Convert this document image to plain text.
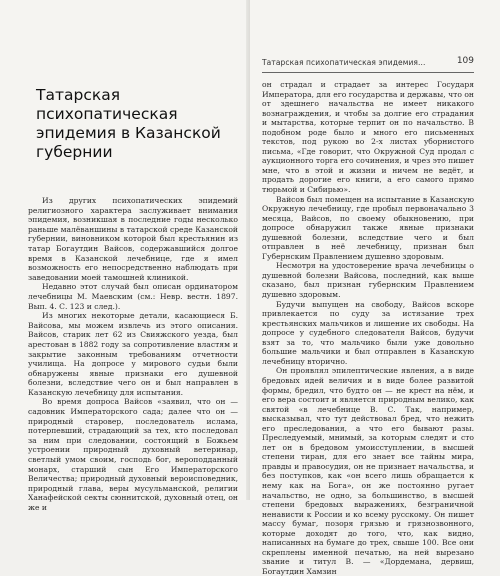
Татарская психопатическая эпидемия в Казанской губернии

Из других психопатических эпидемий религиозного характера заслуживает внимания эпидемия, возникшая в последние годы несколько раньше малёваншины в татарской среде Казанской губернии, виновником которой был крестьянин из татар Богаутдин Вайсов, содержавшийся долгое время в Казанской лечебнице, где я имел возможность его непосредственно наблюдать при заведовании моей тамошней клиникой.

Недавно этот случай был описан ординатором лечебницы М. Маевским (см.: Невр. вестн. 1897. Вып. 4. С. 123 и след.).

Из многих некоторые детали, касающиеся Б. Вайсова, мы можем извлечь из этого описания. Вайсов, старик лет 62 из Свияжского уезда, был арестован в 1882 году за сопротивление властям и закрытие законным требованиям отчетности училища. На допросе у мирового судьи были обнаружены явные признаки его душевной болезни, вследствие чего он и был направлен в Казанскую лечебницу для испытания.

Во время допроса Вайсов «заявил, что он — садовник Императорского сада; далее что он — природный старовер, последователь ислама, потерпевший, страдающий за тех, кто последовал за ним при следовании, состоящий в Божьем устроении природный духовный ветеринар, светлый умом своим, господь бог, вероподданный монарх, старший сын Его Императорского Величества; природный духовный вероисповедник, природный глава, веры мусульманской, религии Ханафейской секты сюннитской, духовный отец, он же и

Татарская психопатическая эпидемия...	109

он страдал и страдает за интерес Государя Императора, для его государства и державы, что он от здешнего начальства не имеет никакого вознаграждения, и чтобы за долгие его страдания и мытарства, которые терпит он по начальство. В подобном роде было и много его письменных текстов, под рукою во 2-х листах уборнистого письма, «Где говорит, что Окружной Суд продал с аукционного торга его сочинения, и чрез это пишет мне, что в этой и жизни и ничем не ведёт, и продать дорогие его книги, а его самого прямо тюрьмой и Сибирью».

Вайсов был помещен на испытание в Казанскую Окружную лечебницу, где пробыл первоначально 3 месяца, Вайсов, по своему обыкновению, при допросе обнаружил также явные признаки душевной болезни, вследствие чего и был отправлен в неё лечебницу, признан был Губернским Правлением душевно здоровым.

Несмотря на удостоверение врача лечебницы о душевной болезни Вайсова, последний, как выше сказано, был признан губернским Правлением душевно здоровым.

Будучи выпущен на свободу, Вайсов вскоре привлекается по суду за истязание трех крестьянских мальчиков и лишение их свободы. На допросе у судебного следователя Вайсов, будучи взят за то, что мальчико были уже довольно большие мальчики и был отправлен в Казанскую лечебницу вторично.

Он проявлял эпилептические явления, а в виде бредовых идей величия и в виде более развитой формы, бредил, что будто он — не крест на нём, и его вера состоит и является природным велико, как святой «в лечебнице В. С. Так, например, высказывал, что тут действовал бред, что нежить его преследования, а что его бывают разы. Преследуемый, мнимый, за которым следят и сто лет он в бредовом умоисступлении, в высшей степени тиран, для его знает все тайны мира, правды и правосудия, он не признает начальства, и без поступков, как «он всего лишь обращается к нему как на Бога», он же постоянно ругает начальство, не одно, за большинство, в высшей степени бредовых выражениях, безграничной ненависти к России и ко всему русскому. Он пишет массу бумаг, позоря грязью и грязнозвонного, которые доходят до того, что, как видно, написанных на бумаге до трех, свыше 100. Все они скреплены именной печатью, на ней вырезано звание и титул В. — «Дордемана, дервиш, Богаутдин Хамзин
